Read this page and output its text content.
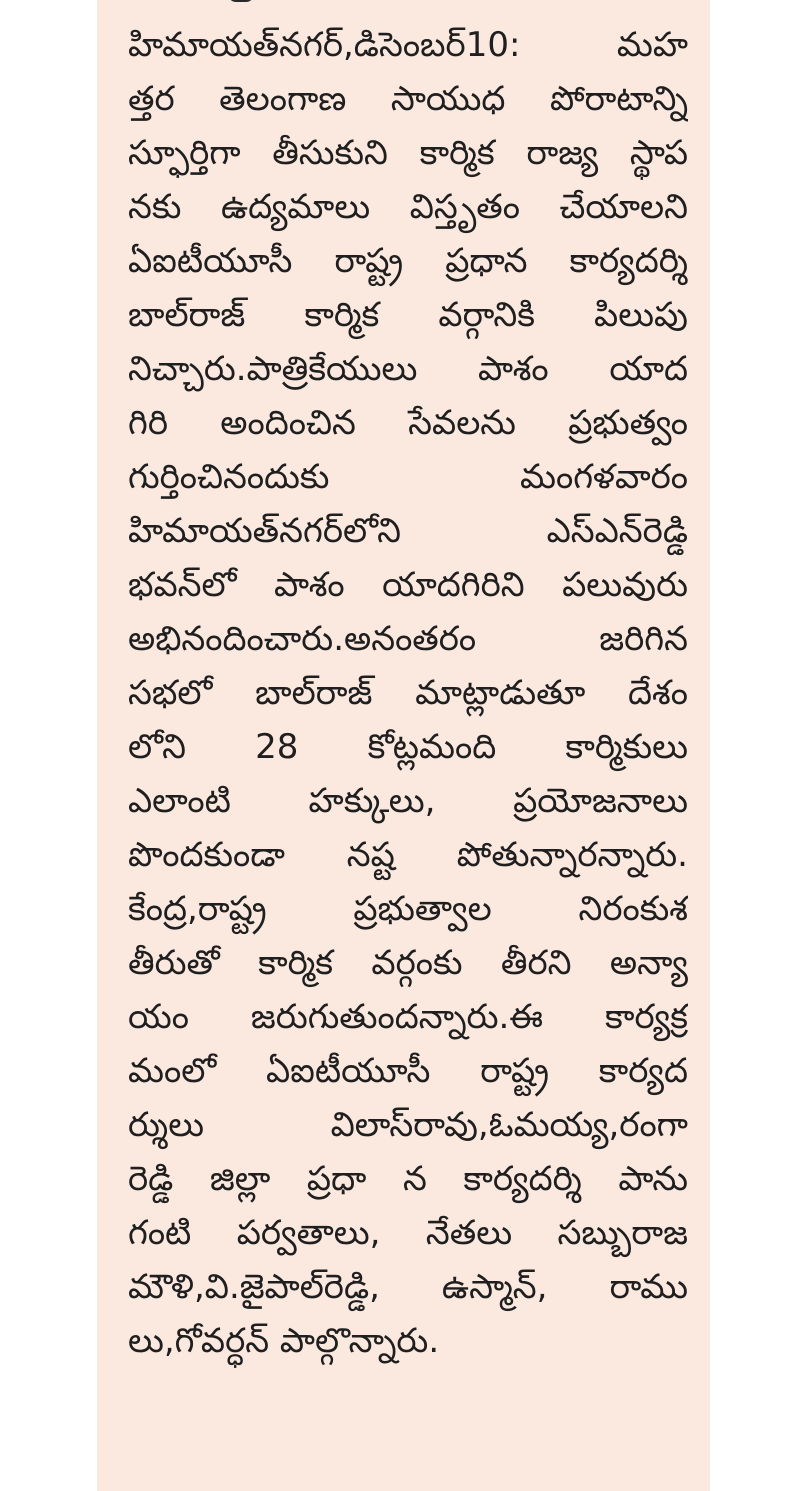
హిమాయత్‌నగర్,డిసెంబర్10: మహ
త్తర తెలంగాణ సాయుధ పోరాటాన్ని
స్ఫూర్తిగా తీసుకుని కార్మిక రాజ్య స్థాప
నకు ఉద్యమాలు విస్తృతం చేయాలని
ఏఐటీయూసీ రాష్ట్ర ప్రధాన కార్యదర్శి
బాల్‌రాజ్ కార్మిక వర్గానికి పిలుపు
నిచ్చారు.పాత్రికేయులు పాశం యాద
గిరి అందించిన సేవలను ప్రభుత్వం
గుర్తించినందుకు మంగళవారం
హిమాయత్‌నగర్‌లోని ఎస్ఎన్‌రెడ్డి
భవన్‌లో పాశం యాదగిరిని పలువురు
అభినందించారు.అనంతరం జరిగిన
సభలో బాల్‌రాజ్ మాట్లాడుతూ దేశం
లోని 28 కోట్లమంది కార్మికులు
ఎలాంటి హక్కులు, ప్రయోజనాలు
పొందకుండా నష్ట పోతున్నారన్నారు.
కేంద్ర,రాష్ట్ర ప్రభుత్వాల నిరంకుశ
తీరుతో కార్మిక వర్గంకు తీరని అన్యా
యం జరుగుతుందన్నారు.ఈ కార్యక్ర
మంలో ఏఐటీయూసీ రాష్ట్ర కార్యద
ర్శులు విలాస్‌రావు,ఓమయ్య,రంగా
రెడ్డి జిల్లా ప్రధా న కార్యదర్శి పాను
గంటి పర్వతాలు, నేతలు సబ్బురాజ
మౌళి,వి.జైపాల్‌రెడ్డి, ఉస్మాన్, రాము
లు,గోవర్ధన్ పాల్గొన్నారు.
